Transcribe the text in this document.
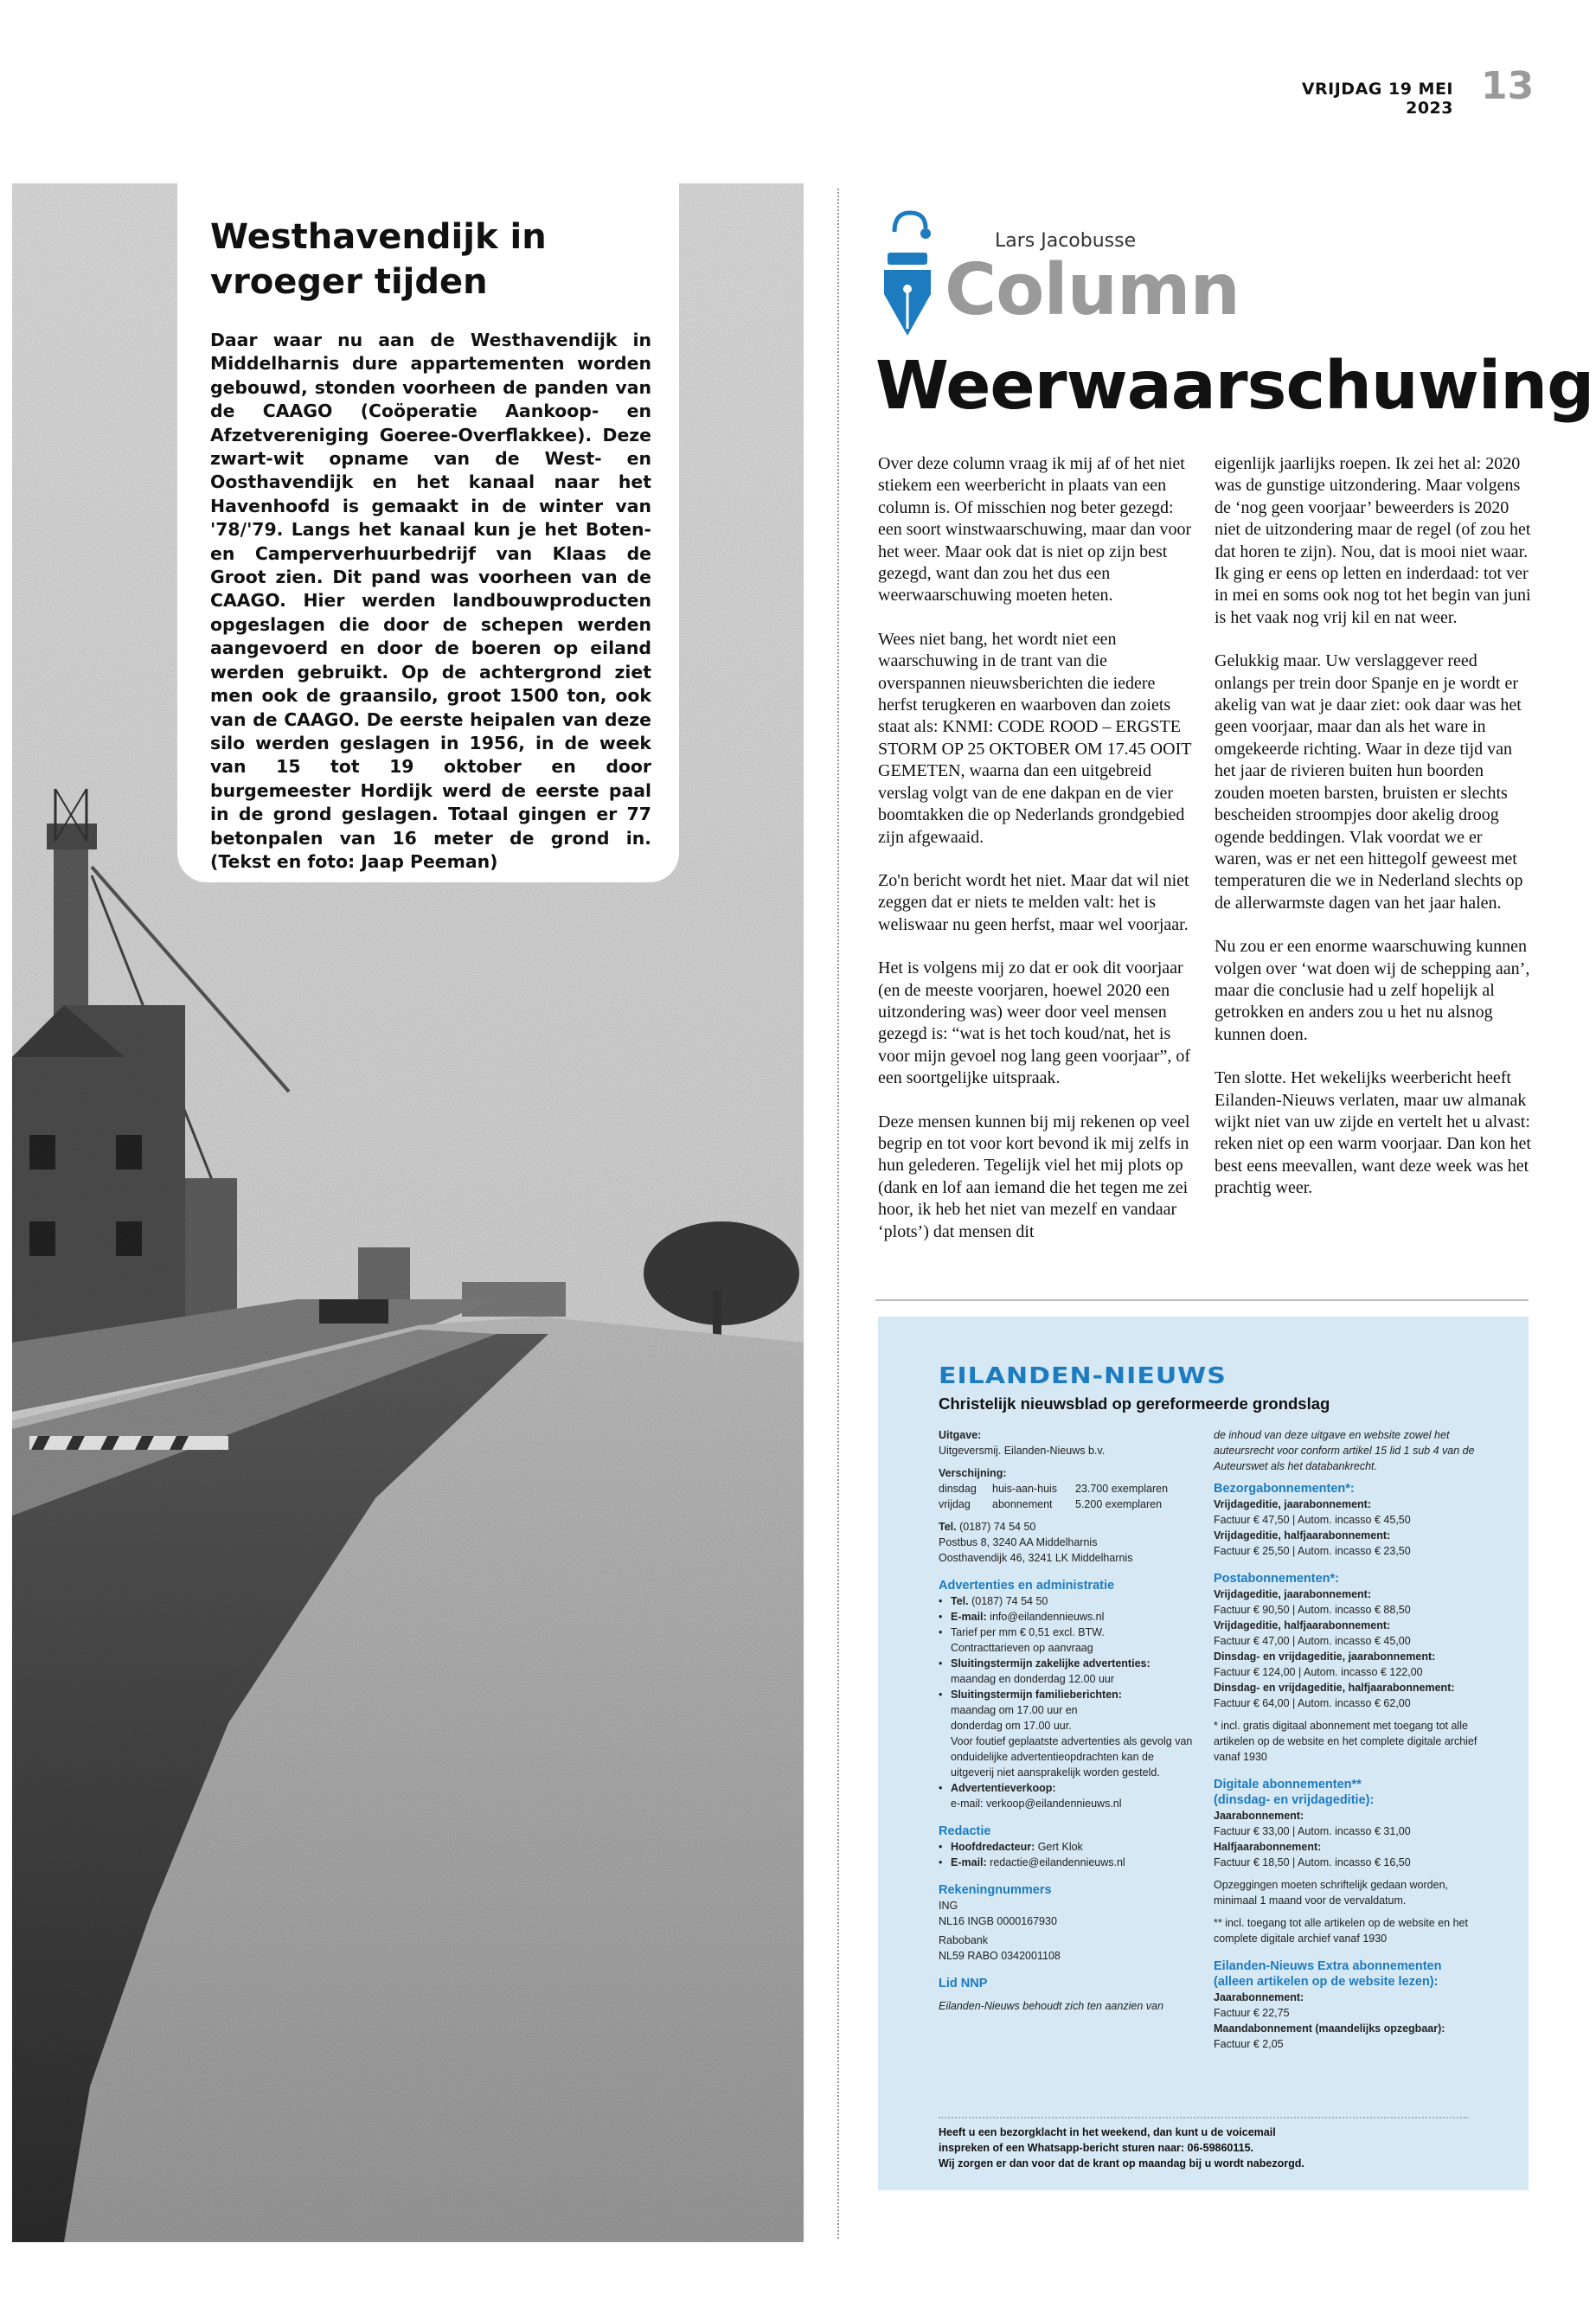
VRIJDAG 19 MEI 2023 13
Westhavendijk in
vroeger tijden

Daar waar nu aan de Westhavendijk in Middelharnis dure appartementen worden gebouwd, stonden voorheen de panden van de CAAGO (Coöperatie Aankoop- en Afzetvereniging Goeree-Overflakkee). Deze zwart-wit opname van de West- en Oosthavendijk en het kanaal naar het Havenhoofd is gemaakt in de winter van '78/'79. Langs het kanaal kun je het Boten- en Camperverhuurbedrijf van Klaas de Groot zien. Dit pand was voorheen van de CAAGO. Hier werden landbouwproducten opgeslagen die door de schepen werden aangevoerd en door de boeren op eiland werden gebruikt. Op de achtergrond ziet men ook de graansilo, groot 1500 ton, ook van de CAAGO. De eerste heipalen van deze silo werden geslagen in 1956, in de week van 15 tot 19 oktober en door burgemeester Hordijk werd de eerste paal in de grond geslagen. Totaal gingen er 77 betonpalen van 16 meter de grond in. (Tekst en foto: Jaap Peeman)

Lars Jacobusse
Column
Weerwaarschuwing

Over deze column vraag ik mij af of het niet stiekem een weerbericht in plaats van een column is. Of misschien nog beter gezegd: een soort winstwaarschuwing, maar dan voor het weer. Maar ook dat is niet op zijn best gezegd, want dan zou het dus een weerwaarschuwing moeten heten.

Wees niet bang, het wordt niet een waarschuwing in de trant van die overspannen nieuwsberichten die iedere herfst terugkeren en waarboven dan zoiets staat als: KNMI: CODE ROOD – ERGSTE STORM OP 25 OKTOBER OM 17.45 OOIT GEMETEN, waarna dan een uitgebreid verslag volgt van de ene dakpan en de vier boomtakken die op Nederlands grondgebied zijn afgewaaid.

Zo'n bericht wordt het niet. Maar dat wil niet zeggen dat er niets te melden valt: het is weliswaar nu geen herfst, maar wel voorjaar.

Het is volgens mij zo dat er ook dit voorjaar (en de meeste voorjaren, hoewel 2020 een uitzondering was) weer door veel mensen gezegd is: “wat is het toch koud/nat, het is voor mijn gevoel nog lang geen voorjaar”, of een soortgelijke uitspraak.

Deze mensen kunnen bij mij rekenen op veel begrip en tot voor kort bevond ik mij zelfs in hun gelederen. Tegelijk viel het mij plots op (dank en lof aan iemand die het tegen me zei hoor, ik heb het niet van mezelf en vandaar ‘plots’) dat mensen dit

eigenlijk jaarlijks roepen. Ik zei het al: 2020 was de gunstige uitzondering. Maar volgens de ‘nog geen voorjaar’ beweerders is 2020 niet de uitzondering maar de regel (of zou het dat horen te zijn). Nou, dat is mooi niet waar. Ik ging er eens op letten en inderdaad: tot ver in mei en soms ook nog tot het begin van juni is het vaak nog vrij kil en nat weer.

Gelukkig maar. Uw verslaggever reed onlangs per trein door Spanje en je wordt er akelig van wat je daar ziet: ook daar was het geen voorjaar, maar dan als het ware in omgekeerde richting. Waar in deze tijd van het jaar de rivieren buiten hun boorden zouden moeten barsten, bruisten er slechts bescheiden stroompjes door akelig droog ogende beddingen. Vlak voordat we er waren, was er net een hittegolf geweest met temperaturen die we in Nederland slechts op de allerwarmste dagen van het jaar halen.

Nu zou er een enorme waarschuwing kunnen volgen over ‘wat doen wij de schepping aan’, maar die conclusie had u zelf hopelijk al getrokken en anders zou u het nu alsnog kunnen doen.

Ten slotte. Het wekelijks weerbericht heeft Eilanden-Nieuws verlaten, maar uw almanak wijkt niet van uw zijde en vertelt het u alvast: reken niet op een warm voorjaar. Dan kon het best eens meevallen, want deze week was het prachtig weer.

EILANDEN-NIEUWS
Christelijk nieuwsblad op gereformeerde grondslag
Uitgave:
Uitgeversmij. Eilanden-Nieuws b.v.
Verschijning:
dinsdag	huis-aan-huis	23.700 exemplaren
vrijdag	abonnement	5.200 exemplaren
Tel. (0187) 74 54 50
Postbus 8, 3240 AA Middelharnis
Oosthavendijk 46, 3241 LK Middelharnis
Advertenties en administratie
• Tel. (0187) 74 54 50
• E-mail: info@eilandennieuws.nl
• Tarief per mm € 0,51 excl. BTW.
Contracttarieven op aanvraag
• Sluitingstermijn zakelijke advertenties:
maandag en donderdag 12.00 uur
• Sluitingstermijn familieberichten:
maandag om 17.00 uur en
donderdag om 17.00 uur.
Voor foutief geplaatste advertenties als gevolg van onduidelijke advertentieopdrachten kan de uitgeverij niet aansprakelijk worden gesteld.
• Advertentieverkoop:
e-mail: verkoop@eilandennieuws.nl
Redactie
• Hoofdredacteur: Gert Klok
• E-mail: redactie@eilandennieuws.nl
Rekeningnummers
ING
NL16 INGB 0000167930
Rabobank
NL59 RABO 0342001108
Lid NNP
Eilanden-Nieuws behoudt zich ten aanzien van
de inhoud van deze uitgave en website zowel het auteursrecht voor conform artikel 15 lid 1 sub 4 van de Auteurswet als het databankrecht.
Bezorgabonnementen*:
Vrijdageditie, jaarabonnement:
Factuur € 47,50 | Autom. incasso € 45,50
Vrijdageditie, halfjaarabonnement:
Factuur € 25,50 | Autom. incasso € 23,50
Postabonnementen*:
Vrijdageditie, jaarabonnement:
Factuur € 90,50 | Autom. incasso € 88,50
Vrijdageditie, halfjaarabonnement:
Factuur € 47,00 | Autom. incasso € 45,00
Dinsdag- en vrijdageditie, jaarabonnement:
Factuur € 124,00 | Autom. incasso € 122,00
Dinsdag- en vrijdageditie, halfjaarabonnement:
Factuur € 64,00 | Autom. incasso € 62,00
* incl. gratis digitaal abonnement met toegang tot alle artikelen op de website en het complete digitale archief vanaf 1930
Digitale abonnementen**
(dinsdag- en vrijdageditie):
Jaarabonnement:
Factuur € 33,00 | Autom. incasso € 31,00
Halfjaarabonnement:
Factuur € 18,50 | Autom. incasso € 16,50
Opzeggingen moeten schriftelijk gedaan worden, minimaal 1 maand voor de vervaldatum.
** incl. toegang tot alle artikelen op de website en het complete digitale archief vanaf 1930
Eilanden-Nieuws Extra abonnementen
(alleen artikelen op de website lezen):
Jaarabonnement:
Factuur € 22,75
Maandabonnement (maandelijks opzegbaar):
Factuur € 2,05
Heeft u een bezorgklacht in het weekend, dan kunt u de voicemail
inspreken of een Whatsapp-bericht sturen naar: 06-59860115.
Wij zorgen er dan voor dat de krant op maandag bij u wordt nabezorgd.
